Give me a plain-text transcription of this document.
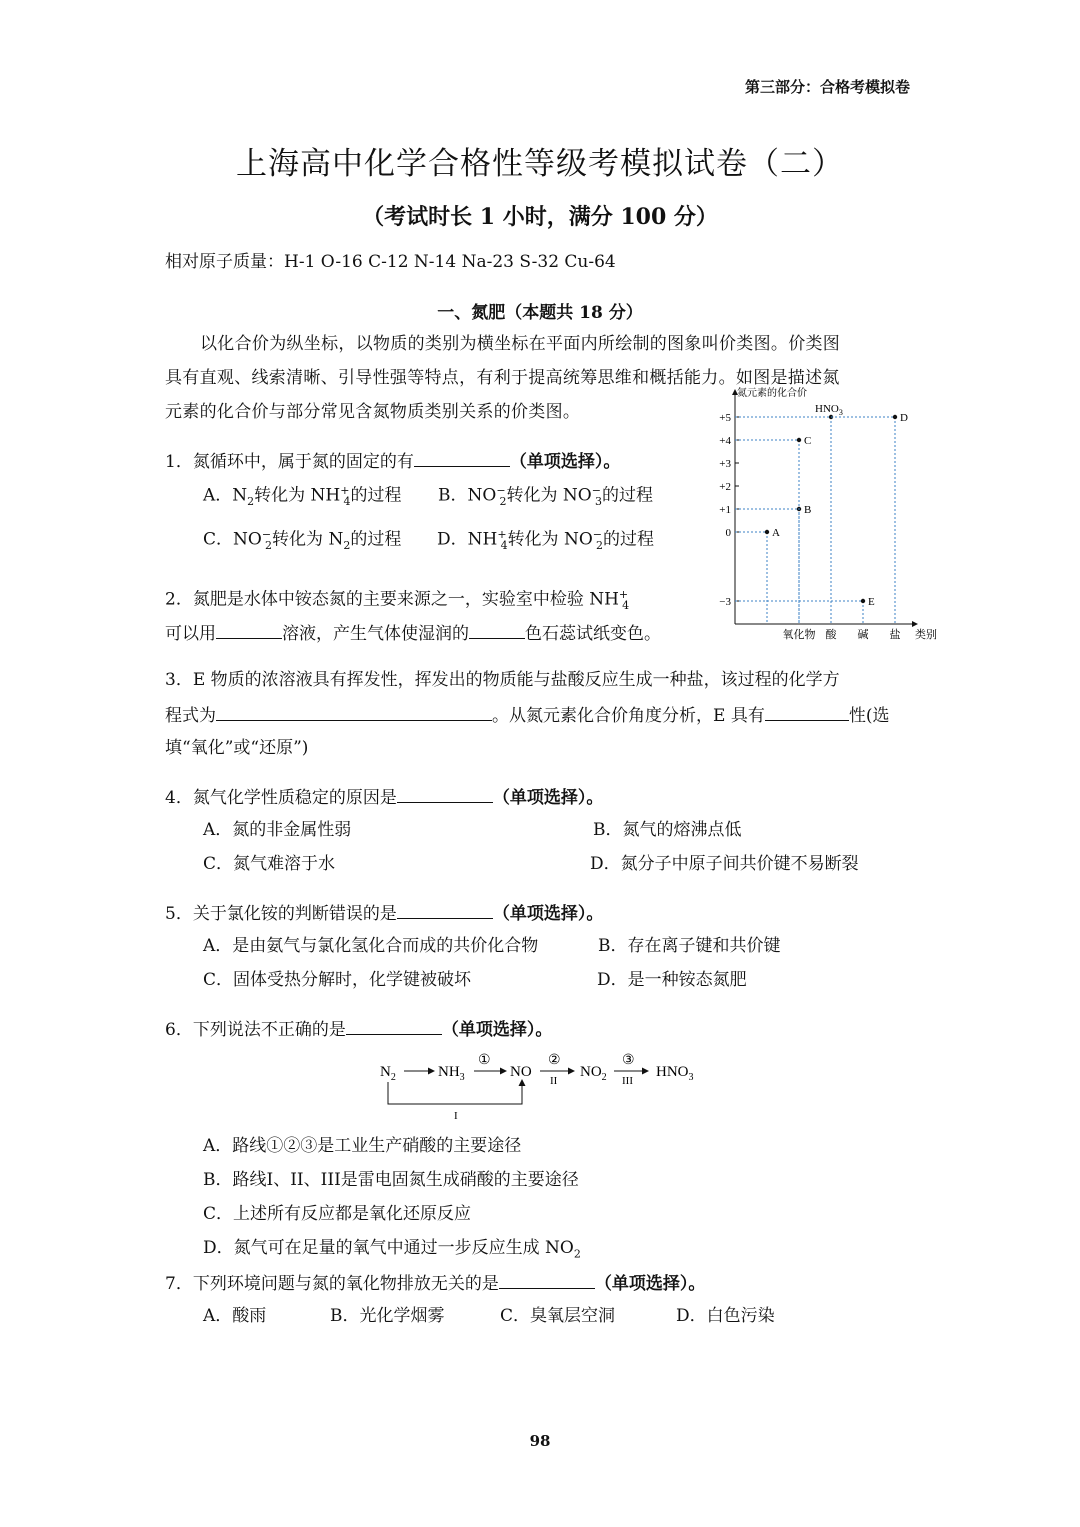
第三部分：合格考模拟卷
上海高中化学合格性等级考模拟试卷（二）
（考试时长 1 小时，满分 100 分）
相对原子质量：H-1 O-16 C-12 N-14 Na-23 S-32 Cu-64
一、氮肥（本题共 18 分）
以化合价为纵坐标，以物质的类别为横坐标在平面内所绘制的图象叫价类图。价类图
具有直观、线索清晰、引导性强等特点，有利于提高统筹思维和概括能力。如图是描述氮
元素的化合价与部分常见含氮物质类别关系的价类图。
氮元素的化合价
类别
+5
+4
+3
+2
+1
0
−3
氧化物 酸 碱 盐
A
B
C
$HNO_3$	D
E
1．氮循环中，属于氮的固定的有	（单项选择）。
A．$N_2$转化为 $NH^+_4$的过程 B．$NO^-_2$转化为 $NO^-_3$的过程
C．$NO^-_2$转化为 $N_2$的过程 D．$NH^+_4$转化为 $NO^-_2$的过程
2．氮肥是水体中铵态氮的主要来源之一，实验室中检验 $NH^+_4$
可以用	溶液，产生气体使湿润的	色石蕊试纸变色。
3．E 物质的浓溶液具有挥发性，挥发出的物质能与盐酸反应生成一种盐，该过程的化学方
程式为	。从氮元素化合价角度分析，E 具有	性(选
填“氧化”或“还原”)
4．氮气化学性质稳定的原因是	（单项选择）。
A．氮的非金属性弱	B．氮气的熔沸点低
C．氮气难溶于水	D．氮分子中原子间共价键不易断裂
5．关于氯化铵的判断错误的是	（单项选择）。
A．是由氨气与氯化氢化合而成的共价化合物	B．存在离子键和共价键
C．固体受热分解时，化学键被破坏	D．是一种铵态氮肥
6．下列说法不正确的是	（单项选择）。
$N_2$	$NH_3$
①
NO
②
II
$NO_2$
③
III
$HNO_3$
I
A．路线①②③是工业生产硝酸的主要途径
B．路线I、II、III是雷电固氮生成硝酸的主要途径
C．上述所有反应都是氧化还原反应
D．氮气可在足量的氧气中通过一步反应生成 $NO_2$
7．下列环境问题与氮的氧化物排放无关的是	（单项选择）。
A．酸雨	B．光化学烟雾	C．臭氧层空洞	D．白色污染
98
